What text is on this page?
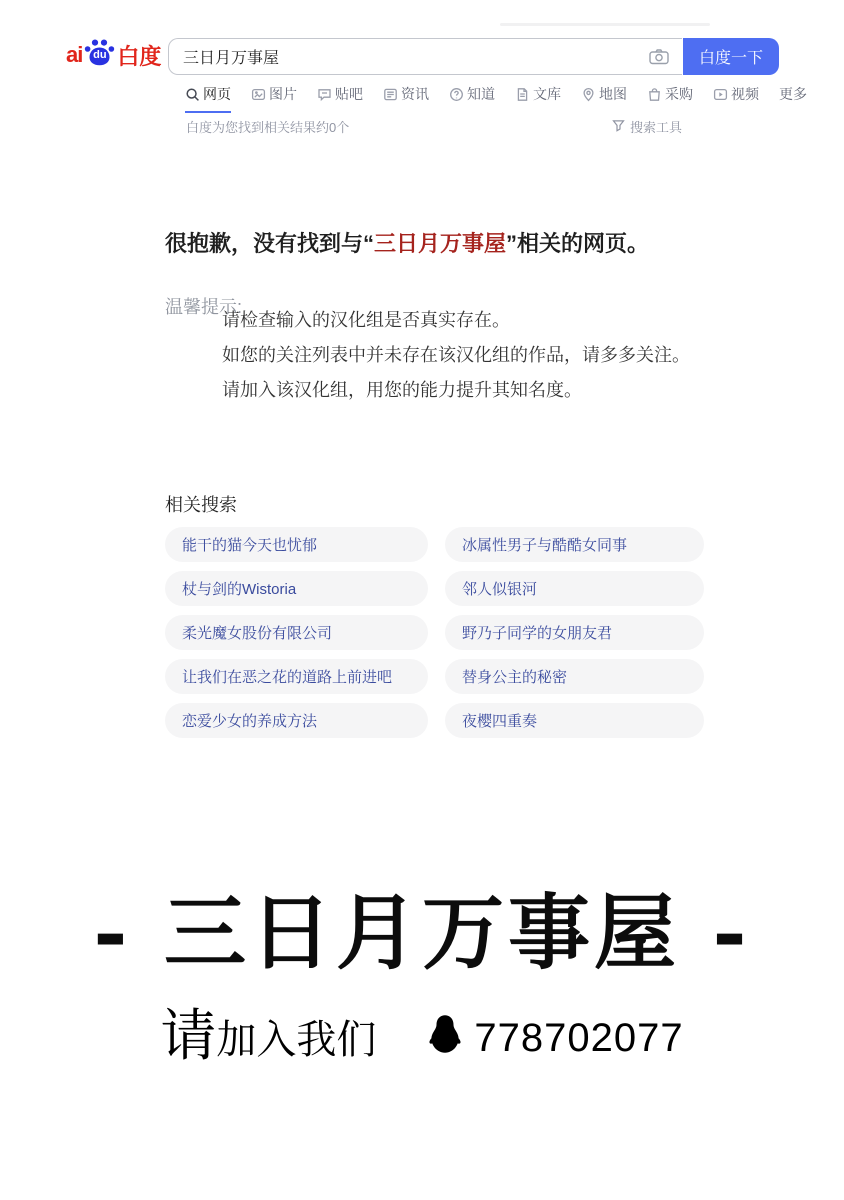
ai du 白度
三日月万事屋	白度一下
网页	图片	贴吧	资讯	知道	文库	地图	采购	视频 更多
白度为您找到相关结果约0个	搜索工具
很抱歉，没有找到与“三日月万事屋”相关的网页。

温馨提示:

请检查输入的汉化组是否真实存在。
如您的关注列表中并未存在该汉化组的作品，请多多关注。
请加入该汉化组，用您的能力提升其知名度。
相关搜索
能干的猫今天也忧郁	冰属性男子与酷酷女同事
杖与剑的Wistoria	邻人似银河
柔光魔女股份有限公司	野乃子同学的女朋友君
让我们在恶之花的道路上前进吧	替身公主的秘密
恋爱少女的养成方法	夜樱四重奏
- 三日月万事屋 -
请 加入我们 778702077
